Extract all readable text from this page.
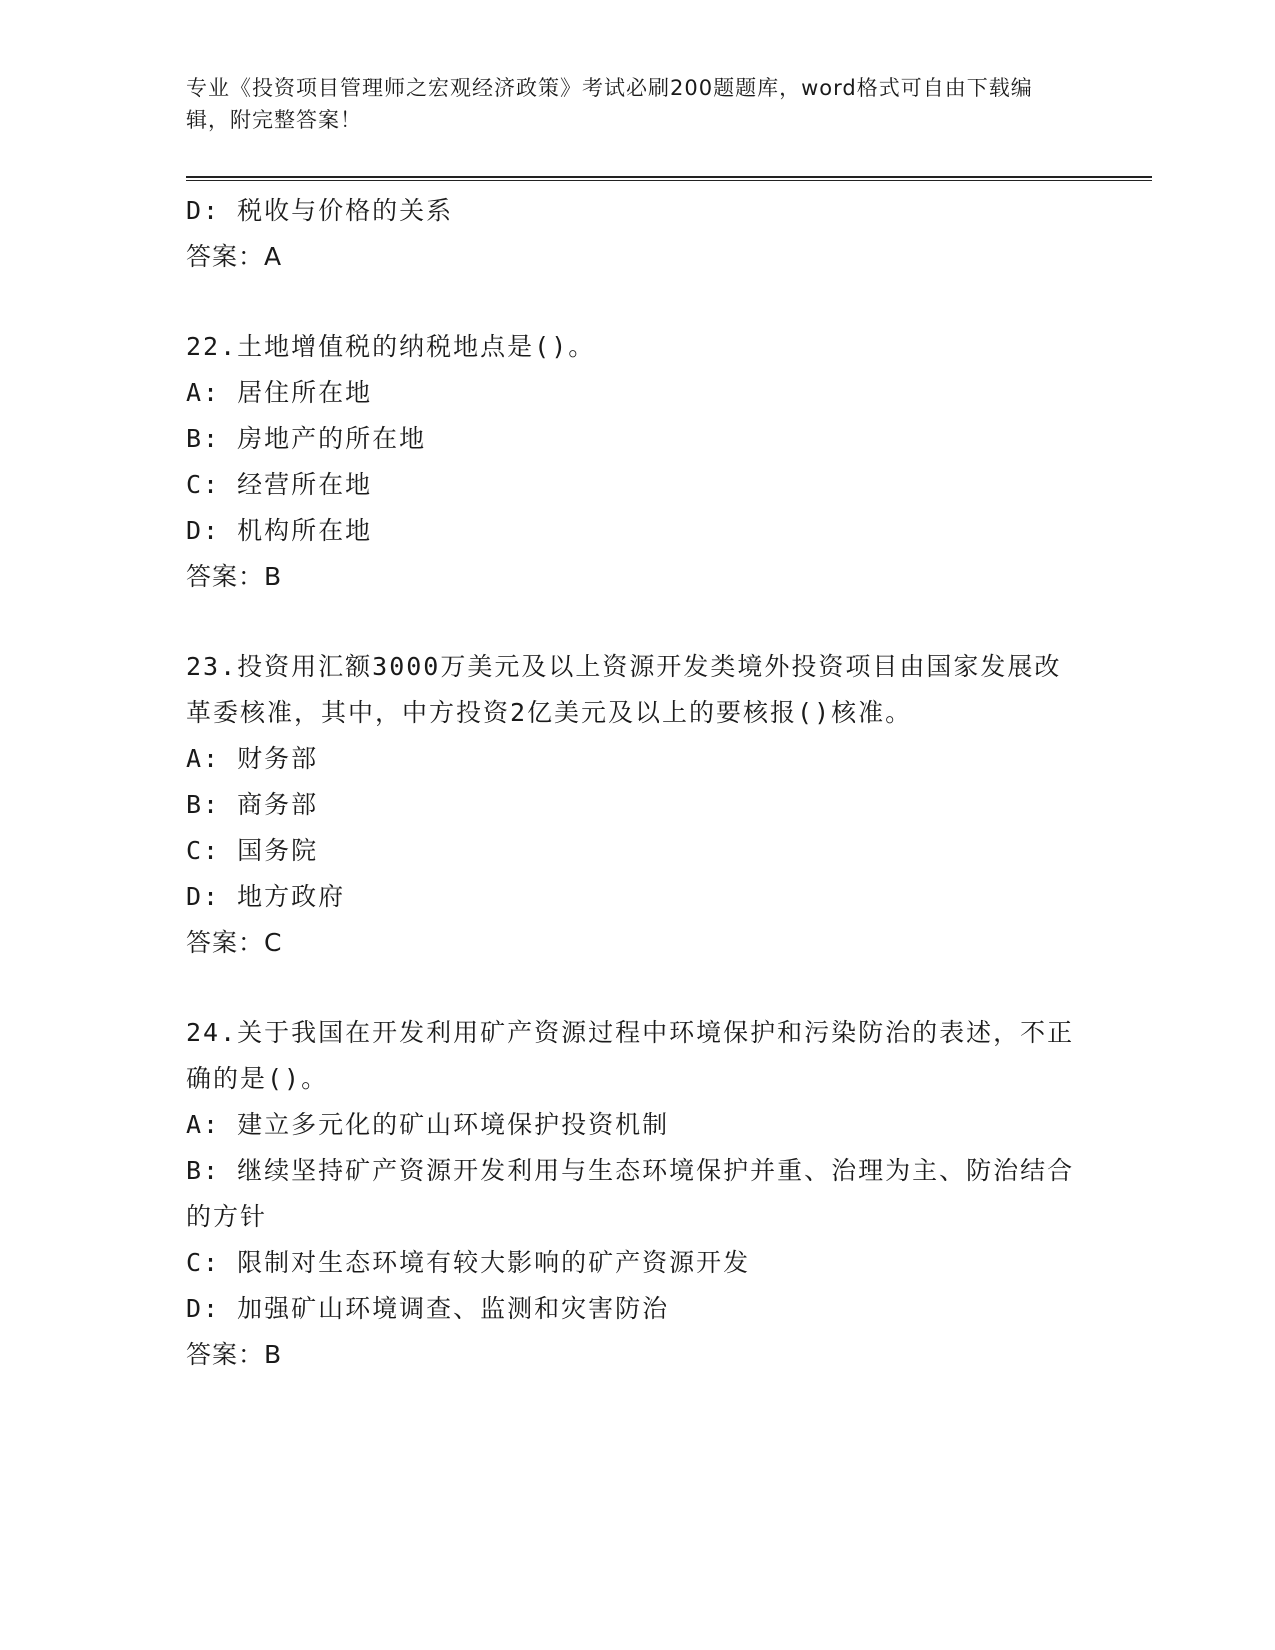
专业《投资项目管理师之宏观经济政策》考试必刷200题题库，word格式可自由下载编辑，附完整答案！
D: 税收与价格的关系
答案：A
22.土地增值税的纳税地点是()。
A: 居住所在地
B: 房地产的所在地
C: 经营所在地
D: 机构所在地
答案：B
23.投资用汇额3000万美元及以上资源开发类境外投资项目由国家发展改革委核准，其中，中方投资2亿美元及以上的要核报()核准。
A: 财务部
B: 商务部
C: 国务院
D: 地方政府
答案：C
24.关于我国在开发利用矿产资源过程中环境保护和污染防治的表述，不正确的是()。
A: 建立多元化的矿山环境保护投资机制
B: 继续坚持矿产资源开发利用与生态环境保护并重、治理为主、防治结合的方针
C: 限制对生态环境有较大影响的矿产资源开发
D: 加强矿山环境调查、监测和灾害防治
答案：B
